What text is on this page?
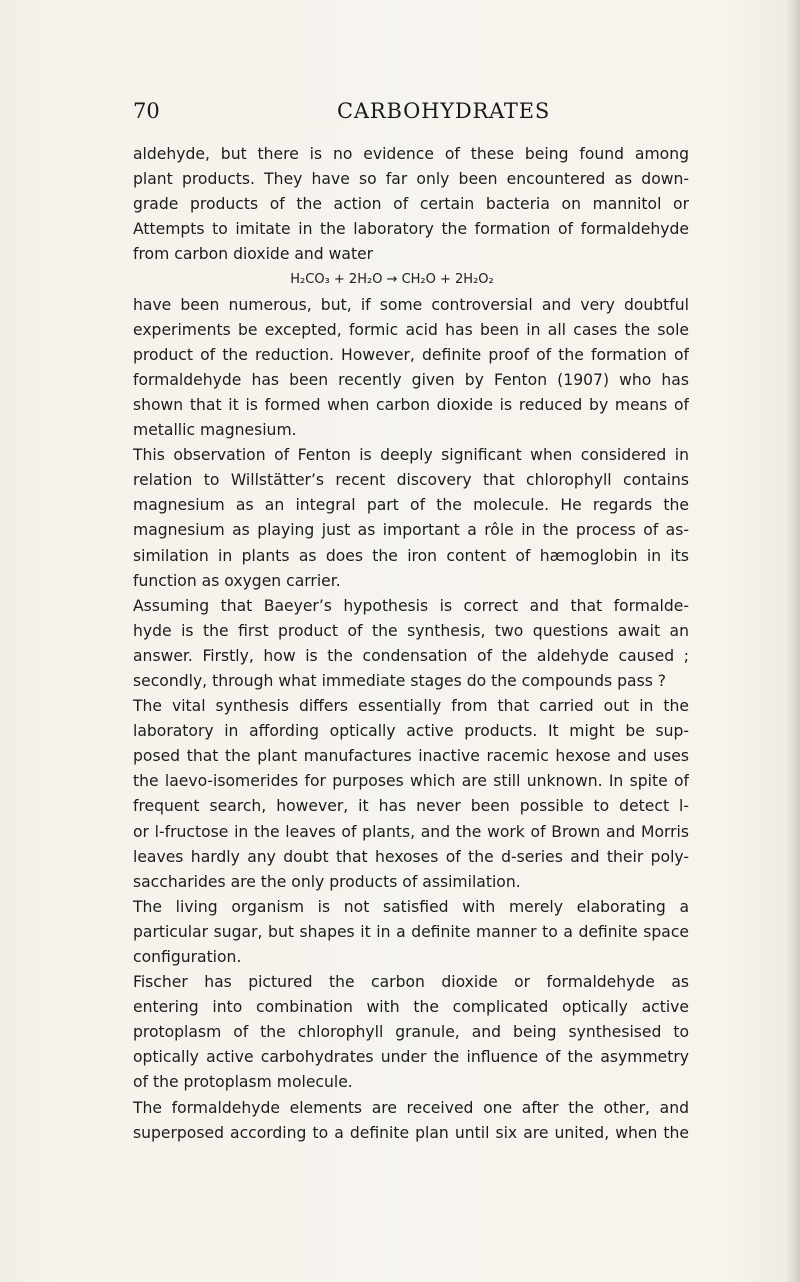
70	CARBOHYDRATES
aldehyde, but there is no evidence of these being found among
plant products. They have so far only been encountered as down-
grade products of the action of certain bacteria on mannitol or
Attempts to imitate in the laboratory the formation of formaldehyde
from carbon dioxide and water
H₂CO₃ + 2H₂O → CH₂O + 2H₂O₂
have been numerous, but, if some controversial and very doubtful
experiments be excepted, formic acid has been in all cases the sole
product of the reduction. However, definite proof of the formation of
formaldehyde has been recently given by Fenton (1907) who has
shown that it is formed when carbon dioxide is reduced by means of
metallic magnesium.
This observation of Fenton is deeply significant when considered in
relation to Willstätter’s recent discovery that chlorophyll contains
magnesium as an integral part of the molecule. He regards the
magnesium as playing just as important a rôle in the process of as-
similation in plants as does the iron content of hæmoglobin in its
function as oxygen carrier.
Assuming that Baeyer’s hypothesis is correct and that formalde-
hyde is the first product of the synthesis, two questions await an
answer. Firstly, how is the condensation of the aldehyde caused ;
secondly, through what immediate stages do the compounds pass ?
The vital synthesis differs essentially from that carried out in the
laboratory in affording optically active products. It might be sup-
posed that the plant manufactures inactive racemic hexose and uses
the laevo-isomerides for purposes which are still unknown. In spite of
frequent search, however, it has never been possible to detect l-
or l-fructose in the leaves of plants, and the work of Brown and Morris
leaves hardly any doubt that hexoses of the d-series and their poly-
saccharides are the only products of assimilation.
The living organism is not satisfied with merely elaborating a
particular sugar, but shapes it in a definite manner to a definite space
configuration.
Fischer has pictured the carbon dioxide or formaldehyde as
entering into combination with the complicated optically active
protoplasm of the chlorophyll granule, and being synthesised to
optically active carbohydrates under the influence of the asymmetry
of the protoplasm molecule.
The formaldehyde elements are received one after the other, and
superposed according to a definite plan until six are united, when the
